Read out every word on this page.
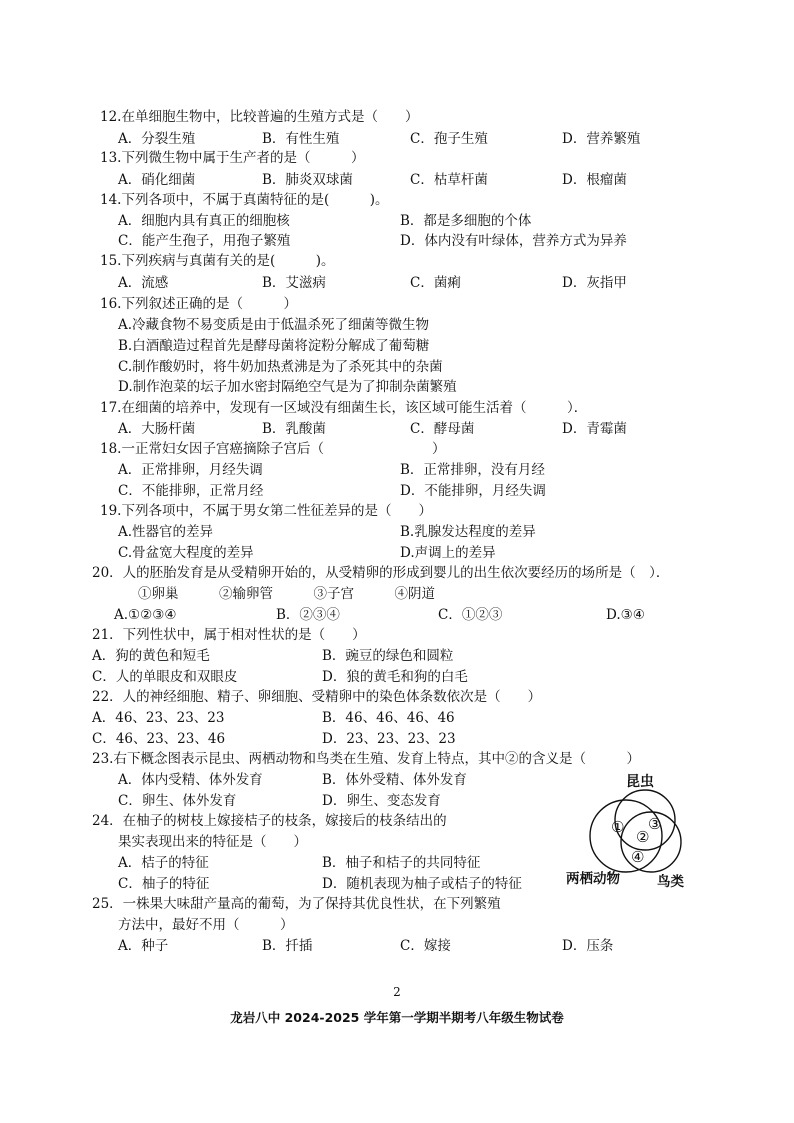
12.在单细胞生物中，比较普遍的生殖方式是（　　）
A．分裂生殖	B．有性生殖	C．孢子生殖	D．营养繁殖
13.下列微生物中属于生产者的是（　　　）
A．硝化细菌	B．肺炎双球菌	C．枯草杆菌	D．根瘤菌
14.下列各项中，不属于真菌特征的是(　　　)。
A．细胞内具有真正的细胞核	B．都是多细胞的个体
C．能产生孢子，用孢子繁殖	D．体内没有叶绿体，营养方式为异养
15.下列疾病与真菌有关的是(　　　)。
A．流感	B．艾滋病	C．菌痢	D．灰指甲
16.下列叙述正确的是（　　　）
A.冷藏食物不易变质是由于低温杀死了细菌等微生物
B.白酒酿造过程首先是酵母菌将淀粉分解成了葡萄糖
C.制作酸奶时，将牛奶加热煮沸是为了杀死其中的杂菌
D.制作泡菜的坛子加水密封隔绝空气是为了抑制杂菌繁殖
17.在细菌的培养中，发现有一区域没有细菌生长，该区域可能生活着（　　　）．
A．大肠杆菌	B．乳酸菌	C．酵母菌	D．青霉菌
18.一正常妇女因子宫癌摘除子宫后（　　　　　　　　）
A．正常排卵，月经失调	B．正常排卵，没有月经
C．不能排卵，正常月经	D．不能排卵，月经失调
19.下列各项中，不属于男女第二性征差异的是（　　）
A.性器官的差异	B.乳腺发达程度的差异
C.骨盆宽大程度的差异	D.声调上的差异
20．人的胚胎发育是从受精卵开始的，从受精卵的形成到婴儿的出生依次要经历的场所是（　）．
①卵巢　　　②输卵管　　　③子宫　　　④阴道
A.①②③④	B．②③④	C．①②③	D.③④
21．下列性状中，属于相对性状的是（　　）
A．狗的黄色和短毛	B．豌豆的绿色和圆粒
C．人的单眼皮和双眼皮	D．狼的黄毛和狗的白毛
22．人的神经细胞、精子、卵细胞、受精卵中的染色体条数依次是（　　）
A．46、23、23、23	B．46、46、46、46
C．46、23、23、46	D．23、23、23、23
23.右下概念图表示昆虫、两栖动物和鸟类在生殖、发育上特点，其中②的含义是（　　　）
A．体内受精、体外发育	B．体外受精、体外发育
C．卵生、体外发育	D．卵生、变态发育
24．在柚子的树枝上嫁接桔子的枝条，嫁接后的枝条结出的
果实表现出来的特征是（　　）
A．桔子的特征	B．柚子和桔子的共同特征
C．柚子的特征	D．随机表现为柚子或桔子的特征
25．一株果大味甜产量高的葡萄，为了保持其优良性状，在下列繁殖
方法中，最好不用（　　　）
A．种子	B．扦插	C．嫁接	D．压条
昆虫
两栖动物	鸟类
①
②
③
④
2
龙岩八中 2024-2025 学年第一学期半期考八年级生物试卷
